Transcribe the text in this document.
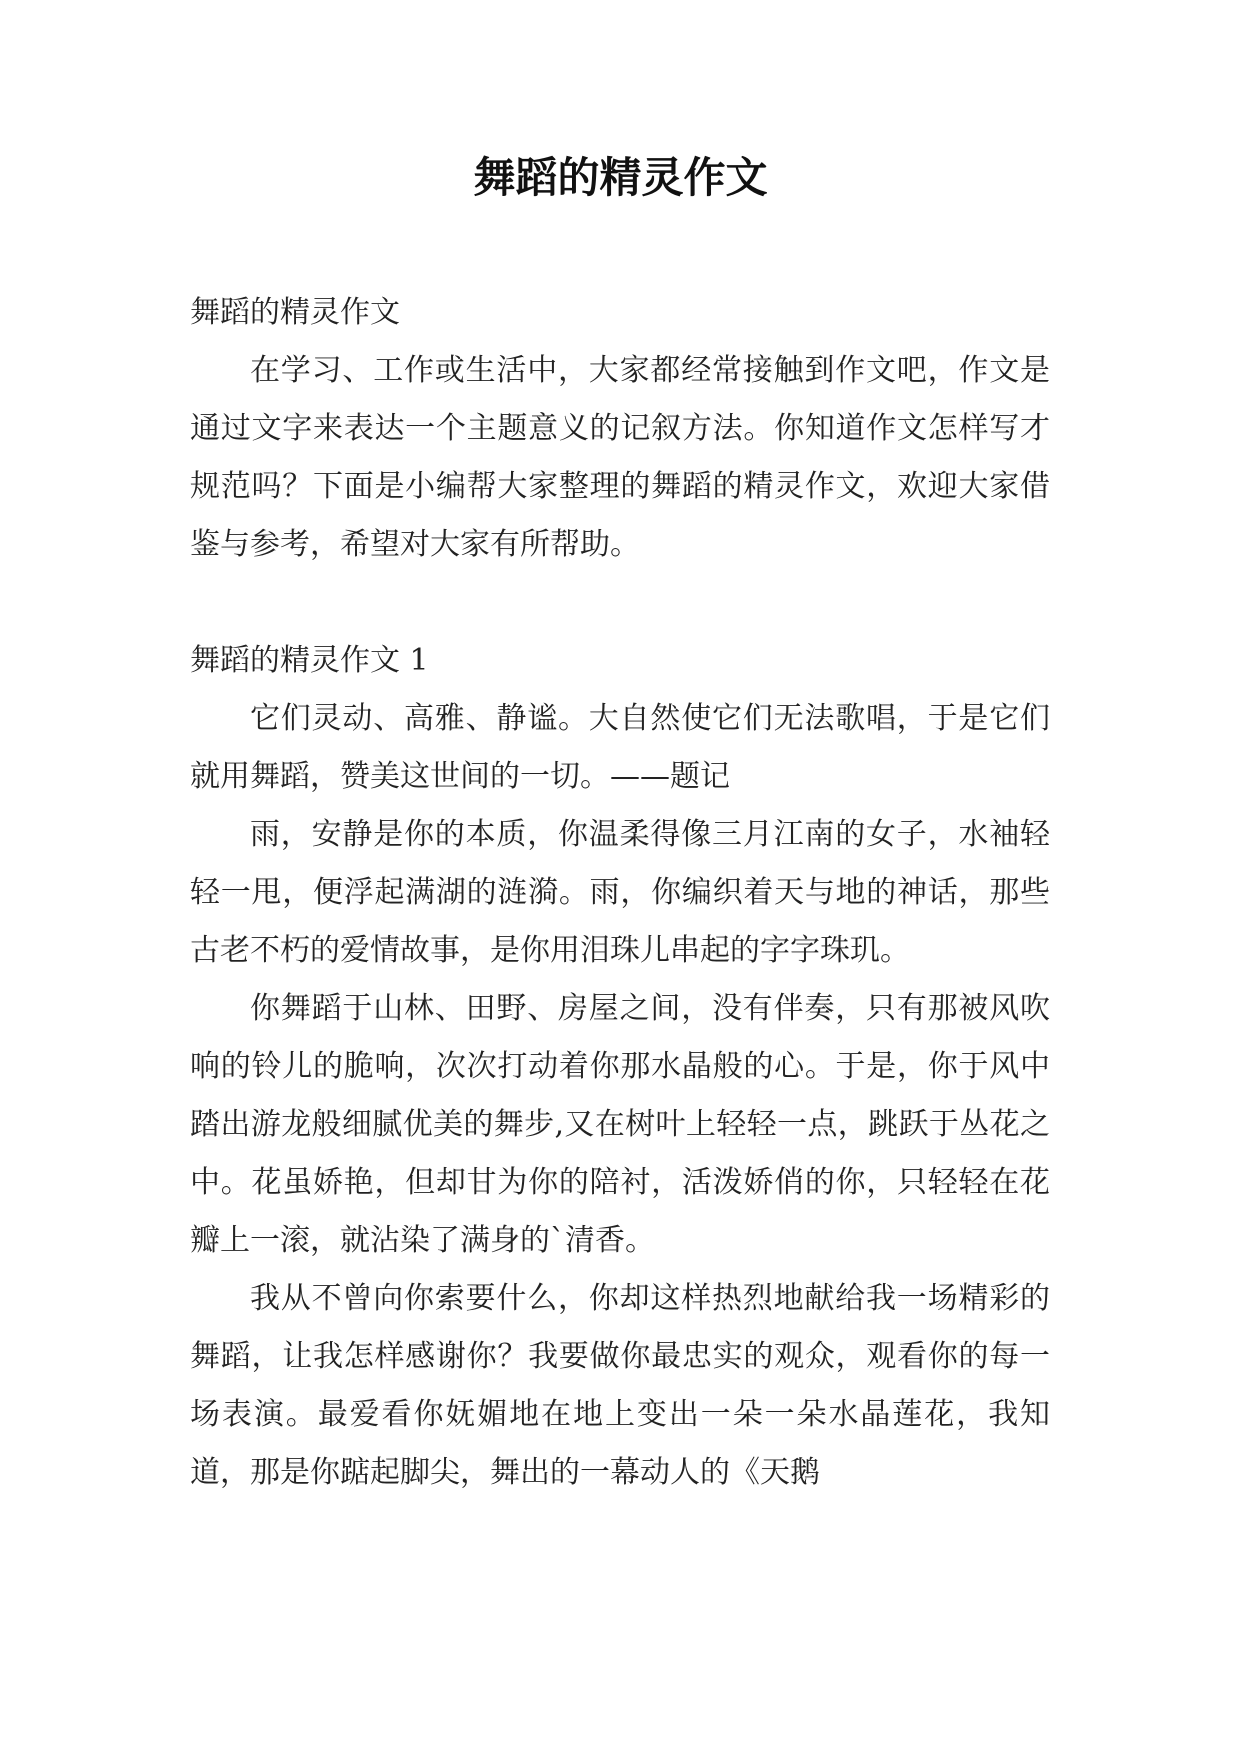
舞蹈的精灵作文

舞蹈的精灵作文

在学习、工作或生活中，大家都经常接触到作文吧，作文是通过文字来表达一个主题意义的记叙方法。你知道作文怎样写才规范吗？下面是小编帮大家整理的舞蹈的精灵作文，欢迎大家借鉴与参考，希望对大家有所帮助。

舞蹈的精灵作文 1

它们灵动、高雅、静谧。大自然使它们无法歌唱，于是它们就用舞蹈，赞美这世间的一切。——题记

雨，安静是你的本质，你温柔得像三月江南的女子，水袖轻轻一甩，便浮起满湖的涟漪。雨，你编织着天与地的神话，那些古老不朽的爱情故事，是你用泪珠儿串起的字字珠玑。

你舞蹈于山林、田野、房屋之间，没有伴奏，只有那被风吹响的铃儿的脆响，次次打动着你那水晶般的心。于是，你于风中踏出游龙般细腻优美的舞步,又在树叶上轻轻一点，跳跃于丛花之中。花虽娇艳，但却甘为你的陪衬，活泼娇俏的你，只轻轻在花瓣上一滚，就沾染了满身的`清香。

我从不曾向你索要什么，你却这样热烈地献给我一场精彩的舞蹈，让我怎样感谢你？我要做你最忠实的观众，观看你的每一场表演。最爱看你妩媚地在地上变出一朵一朵水晶莲花，我知道，那是你踮起脚尖，舞出的一幕动人的《天鹅
